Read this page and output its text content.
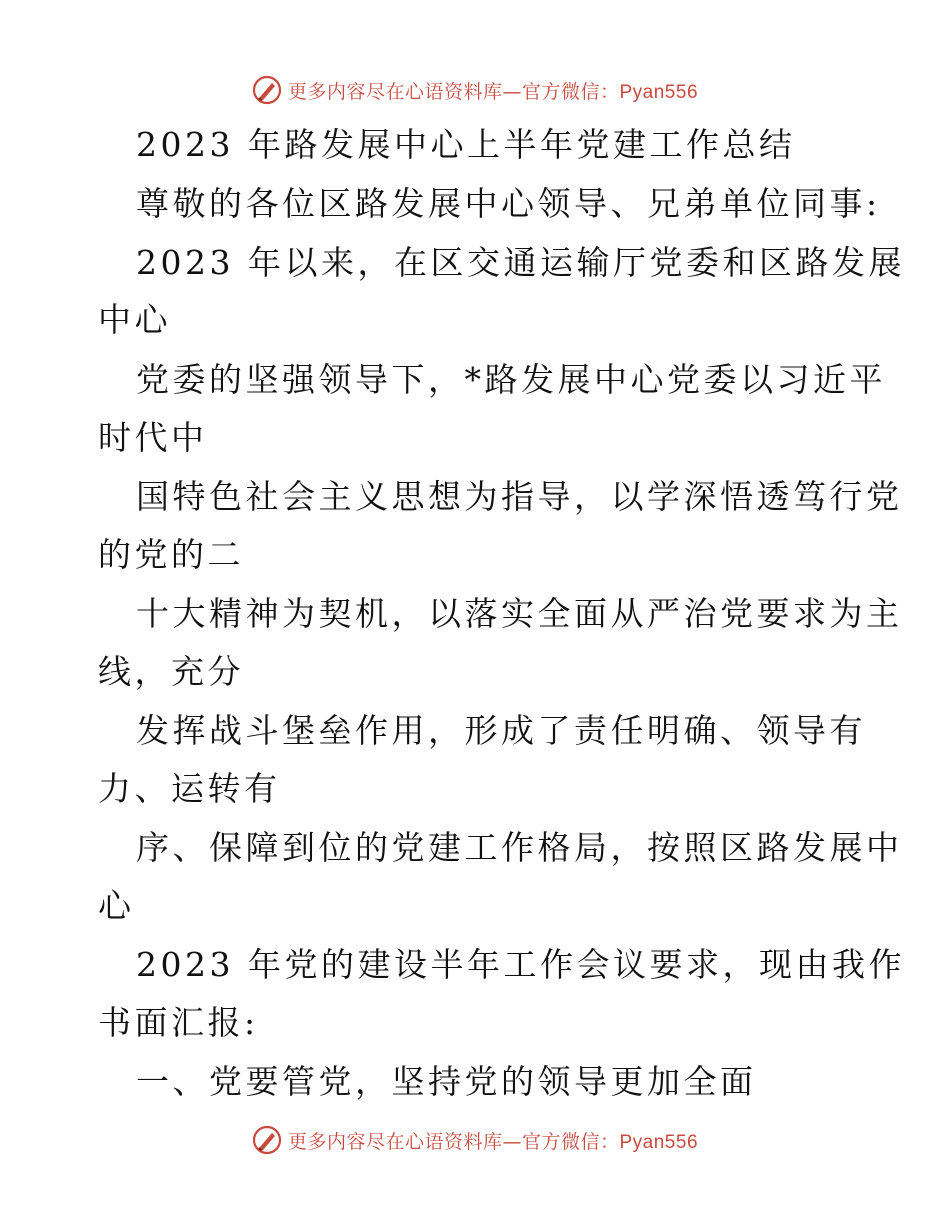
更多内容尽在心语资料库—官方微信：Pyan556
2023 年路发展中心上半年党建工作总结
尊敬的各位区路发展中心领导、兄弟单位同事:
2023 年以来，在区交通运输厅党委和区路发展
中心
党委的坚强领导下，*路发展中心党委以习近平
时代中
国特色社会主义思想为指导，以学深悟透笃行党
的党的二
十大精神为契机，以落实全面从严治党要求为主
线，充分
发挥战斗堡垒作用，形成了责任明确、领导有
力、运转有
序、保障到位的党建工作格局，按照区路发展中
心
2023 年党的建设半年工作会议要求，现由我作
书面汇报:
一、党要管党，坚持党的领导更加全面
更多内容尽在心语资料库—官方微信：Pyan556
